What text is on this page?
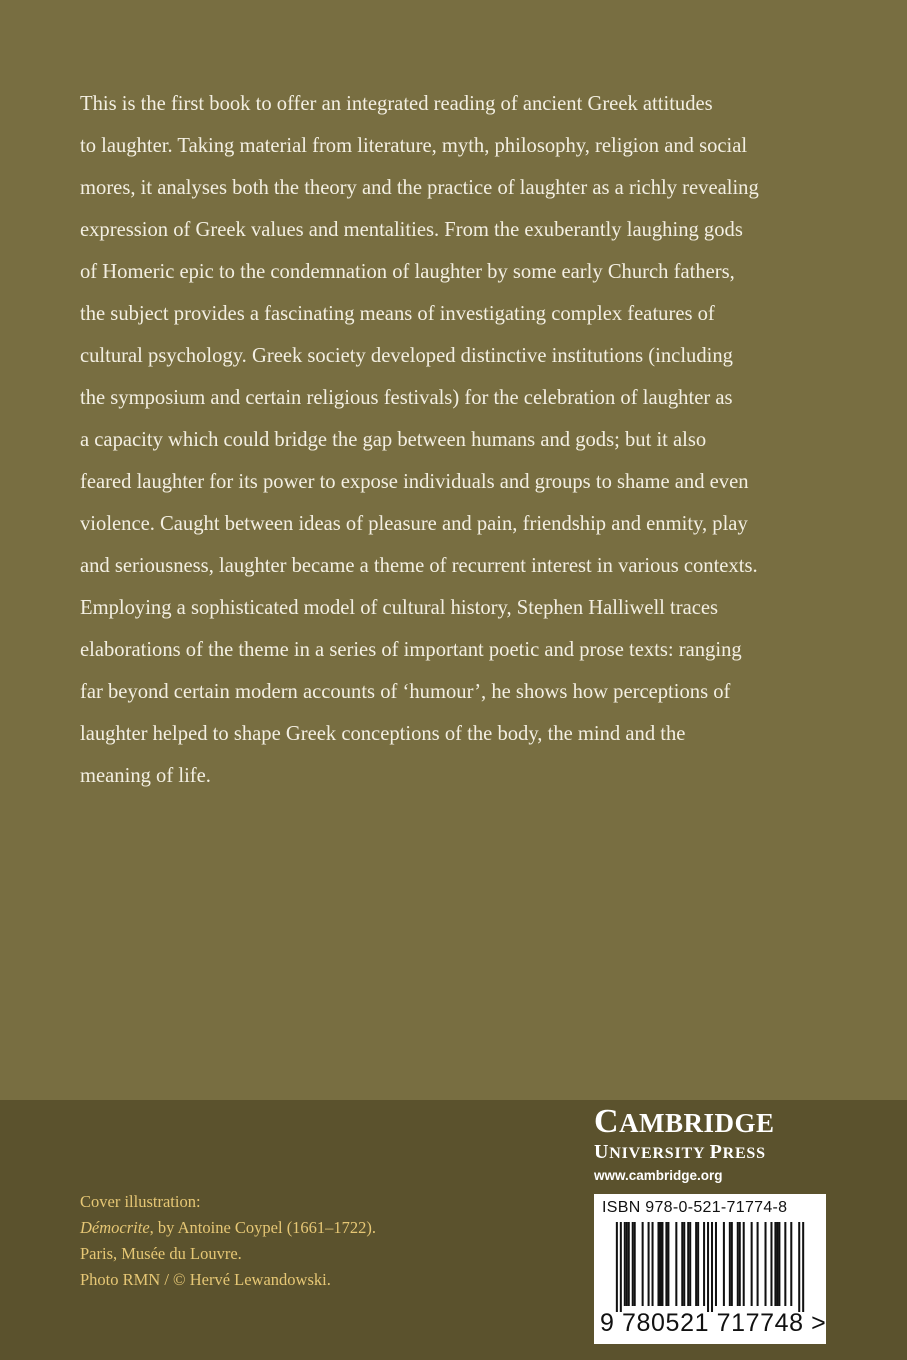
This is the first book to offer an integrated reading of ancient Greek attitudes
to laughter. Taking material from literature, myth, philosophy, religion and social
mores, it analyses both the theory and the practice of laughter as a richly revealing
expression of Greek values and mentalities. From the exuberantly laughing gods
of Homeric epic to the condemnation of laughter by some early Church fathers,
the subject provides a fascinating means of investigating complex features of
cultural psychology. Greek society developed distinctive institutions (including
the symposium and certain religious festivals) for the celebration of laughter as
a capacity which could bridge the gap between humans and gods; but it also
feared laughter for its power to expose individuals and groups to shame and even
violence. Caught between ideas of pleasure and pain, friendship and enmity, play
and seriousness, laughter became a theme of recurrent interest in various contexts.
Employing a sophisticated model of cultural history, Stephen Halliwell traces
elaborations of the theme in a series of important poetic and prose texts: ranging
far beyond certain modern accounts of ‘humour’, he shows how perceptions of
laughter helped to shape Greek conceptions of the body, the mind and the
meaning of life.
Cover illustration:
Démocrite, by Antoine Coypel (1661–1722).
Paris, Musée du Louvre.
Photo RMN / © Hervé Lewandowski.
CAMBRIDGE
UNIVERSITY PRESS
www.cambridge.org
ISBN 978-0-521-71774-8
9 780521 717748 >
